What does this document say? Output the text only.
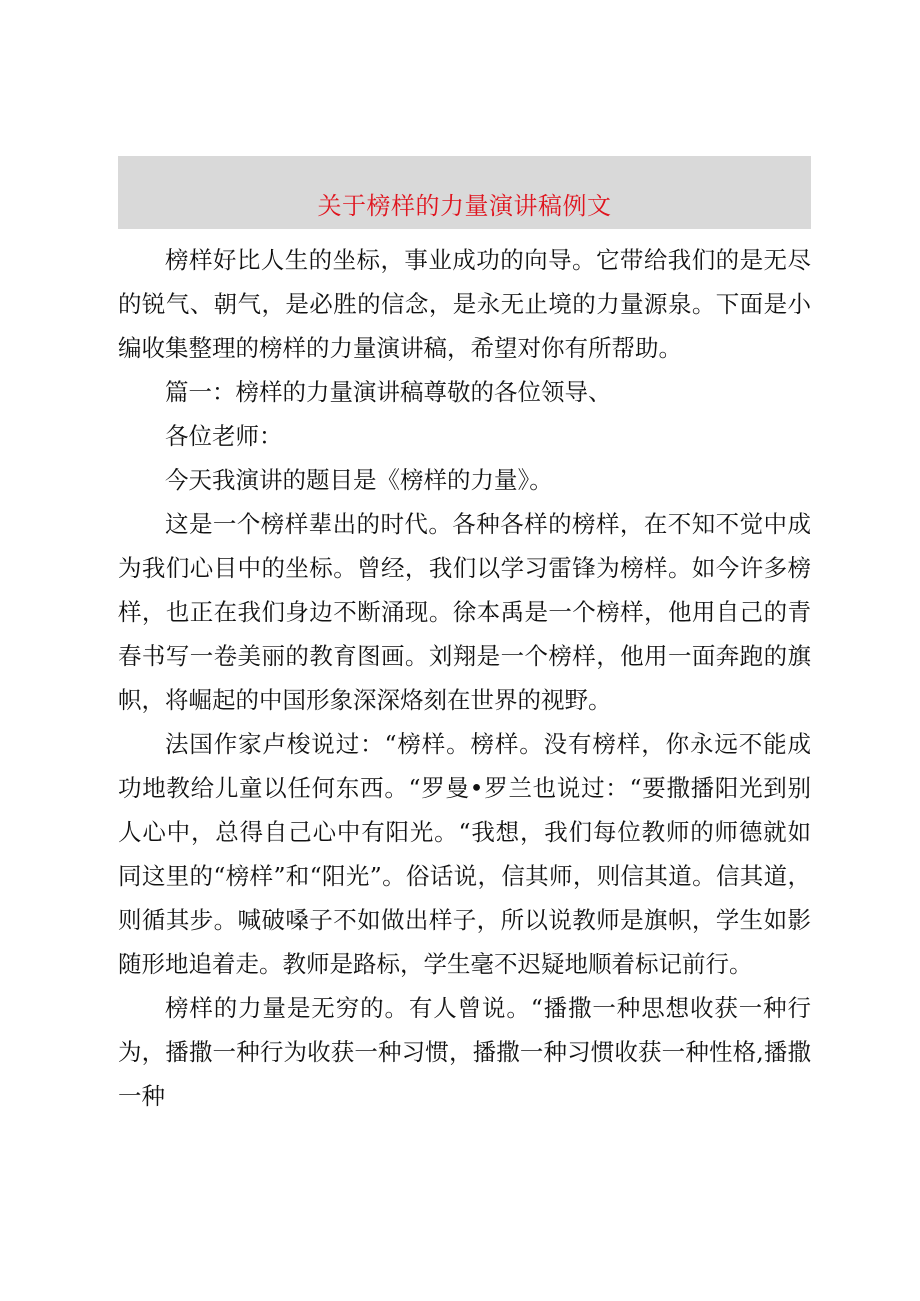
关于榜样的力量演讲稿例文

榜样好比人生的坐标，事业成功的向导。它带给我们的是无尽的锐气、朝气，是必胜的信念，是永无止境的力量源泉。下面是小编收集整理的榜样的力量演讲稿，希望对你有所帮助。

篇一：榜样的力量演讲稿尊敬的各位领导、

各位老师：

今天我演讲的题目是《榜样的力量》。

这是一个榜样辈出的时代。各种各样的榜样，在不知不觉中成为我们心目中的坐标。曾经，我们以学习雷锋为榜样。如今许多榜样，也正在我们身边不断涌现。徐本禹是一个榜样，他用自己的青春书写一卷美丽的教育图画。刘翔是一个榜样，他用一面奔跑的旗帜，将崛起的中国形象深深烙刻在世界的视野。

法国作家卢梭说过：“榜样。榜样。没有榜样，你永远不能成功地教给儿童以任何东西。“罗曼•罗兰也说过：“要撒播阳光到别人心中，总得自己心中有阳光。“我想，我们每位教师的师德就如同这里的“榜样”和“阳光”。俗话说，信其师，则信其道。信其道，则循其步。喊破嗓子不如做出样子，所以说教师是旗帜，学生如影随形地追着走。教师是路标，学生毫不迟疑地顺着标记前行。

榜样的力量是无穷的。有人曾说。“播撒一种思想收获一种行为，播撒一种行为收获一种习惯，播撒一种习惯收获一种性格,播撒一种
